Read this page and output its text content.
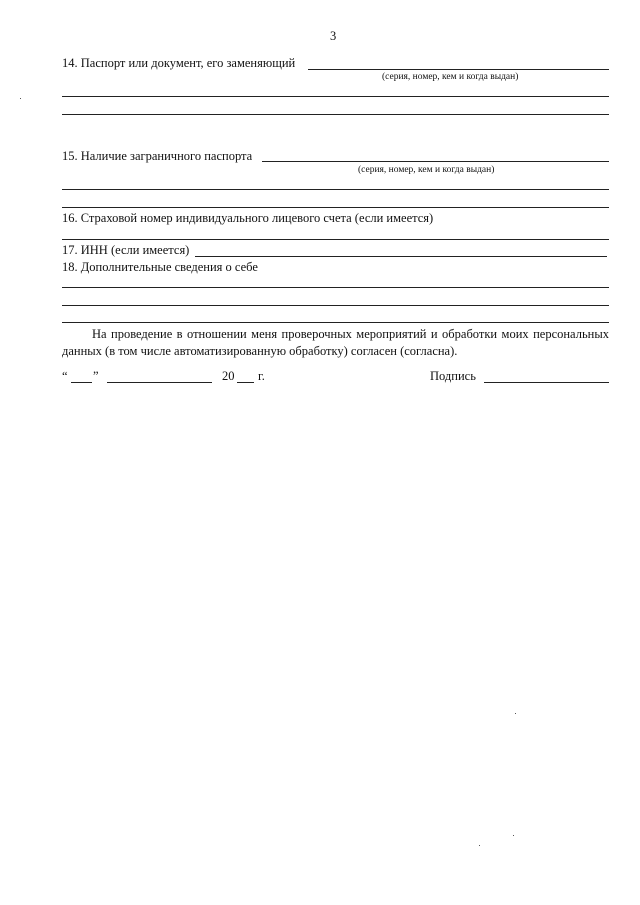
3
14. Паспорт или документ, его заменяющий
(серия, номер, кем и когда выдан)
15. Наличие заграничного паспорта
(серия, номер, кем и когда выдан)
16. Страховой номер индивидуального лицевого счета (если имеется)
17. ИНН (если имеется)
18. Дополнительные сведения о себе
На проведение в отношении меня проверочных мероприятий и обработки моих персональных данных (в том числе автоматизированную обработку) согласен (согласна).
“ ”	20 г.	Подпись
